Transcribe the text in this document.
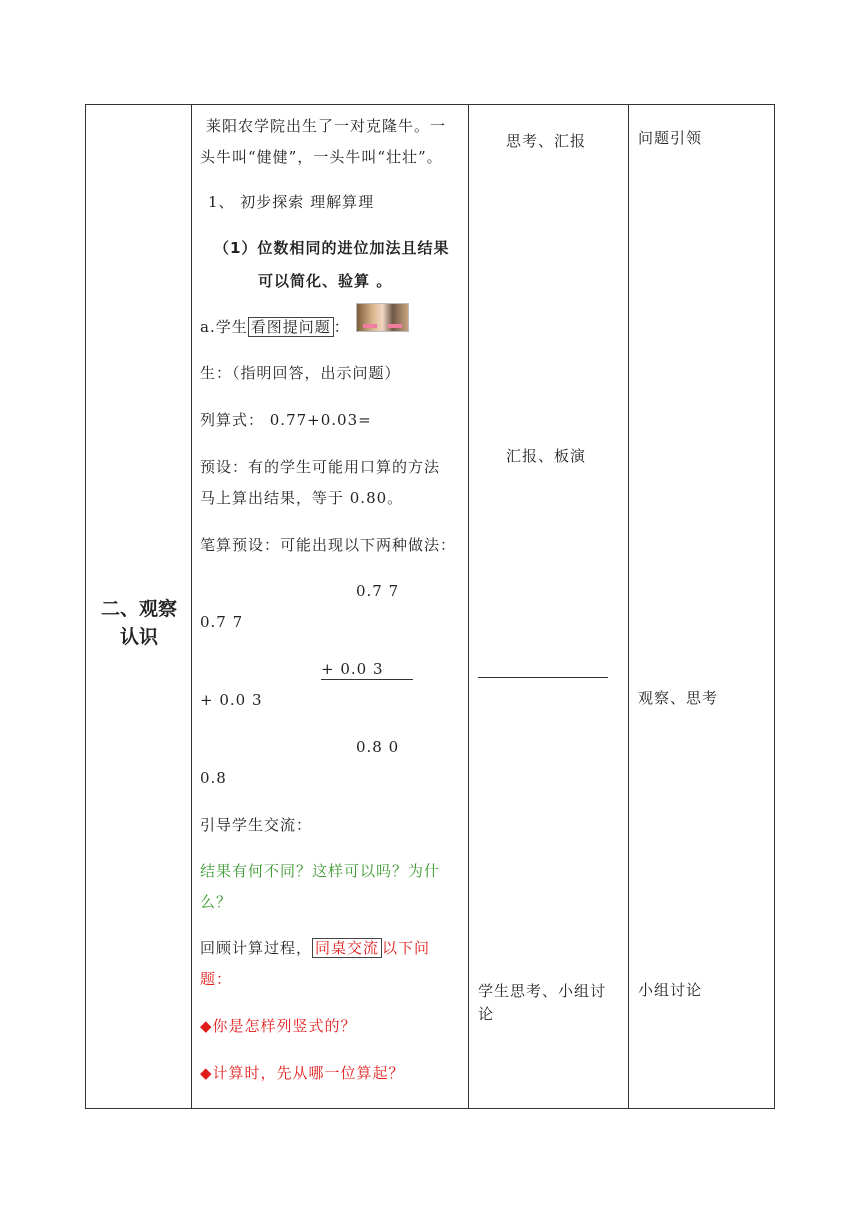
二、观察
认识
莱阳农学院出生了一对克隆牛。一
头牛叫“健健”，一头牛叫“壮壮”。
1、 初步探索 理解算理
（1）位数相同的进位加法且结果
可以简化、验算 。
a.学生 看图提问题 ：
生：（指明回答，出示问题）
列算式： 0.77+0.03=
预设：有的学生可能用口算的方法
马上算出结果，等于 0.80。
笔算预设：可能出现以下两种做法：
0.7 7
0.7 7
+ 0.0 3
+ 0.0 3
0.8 0
0.8
引导学生交流：
结果有何不同？这样可以吗？为什
么？
回顾计算过程， 同桌交流 以下问
题：
◆你是怎样列竖式的？
◆计算时，先从哪一位算起？
思考、汇报
汇报、板演
学生思考、小组讨
论
问题引领
观察、思考
小组讨论
